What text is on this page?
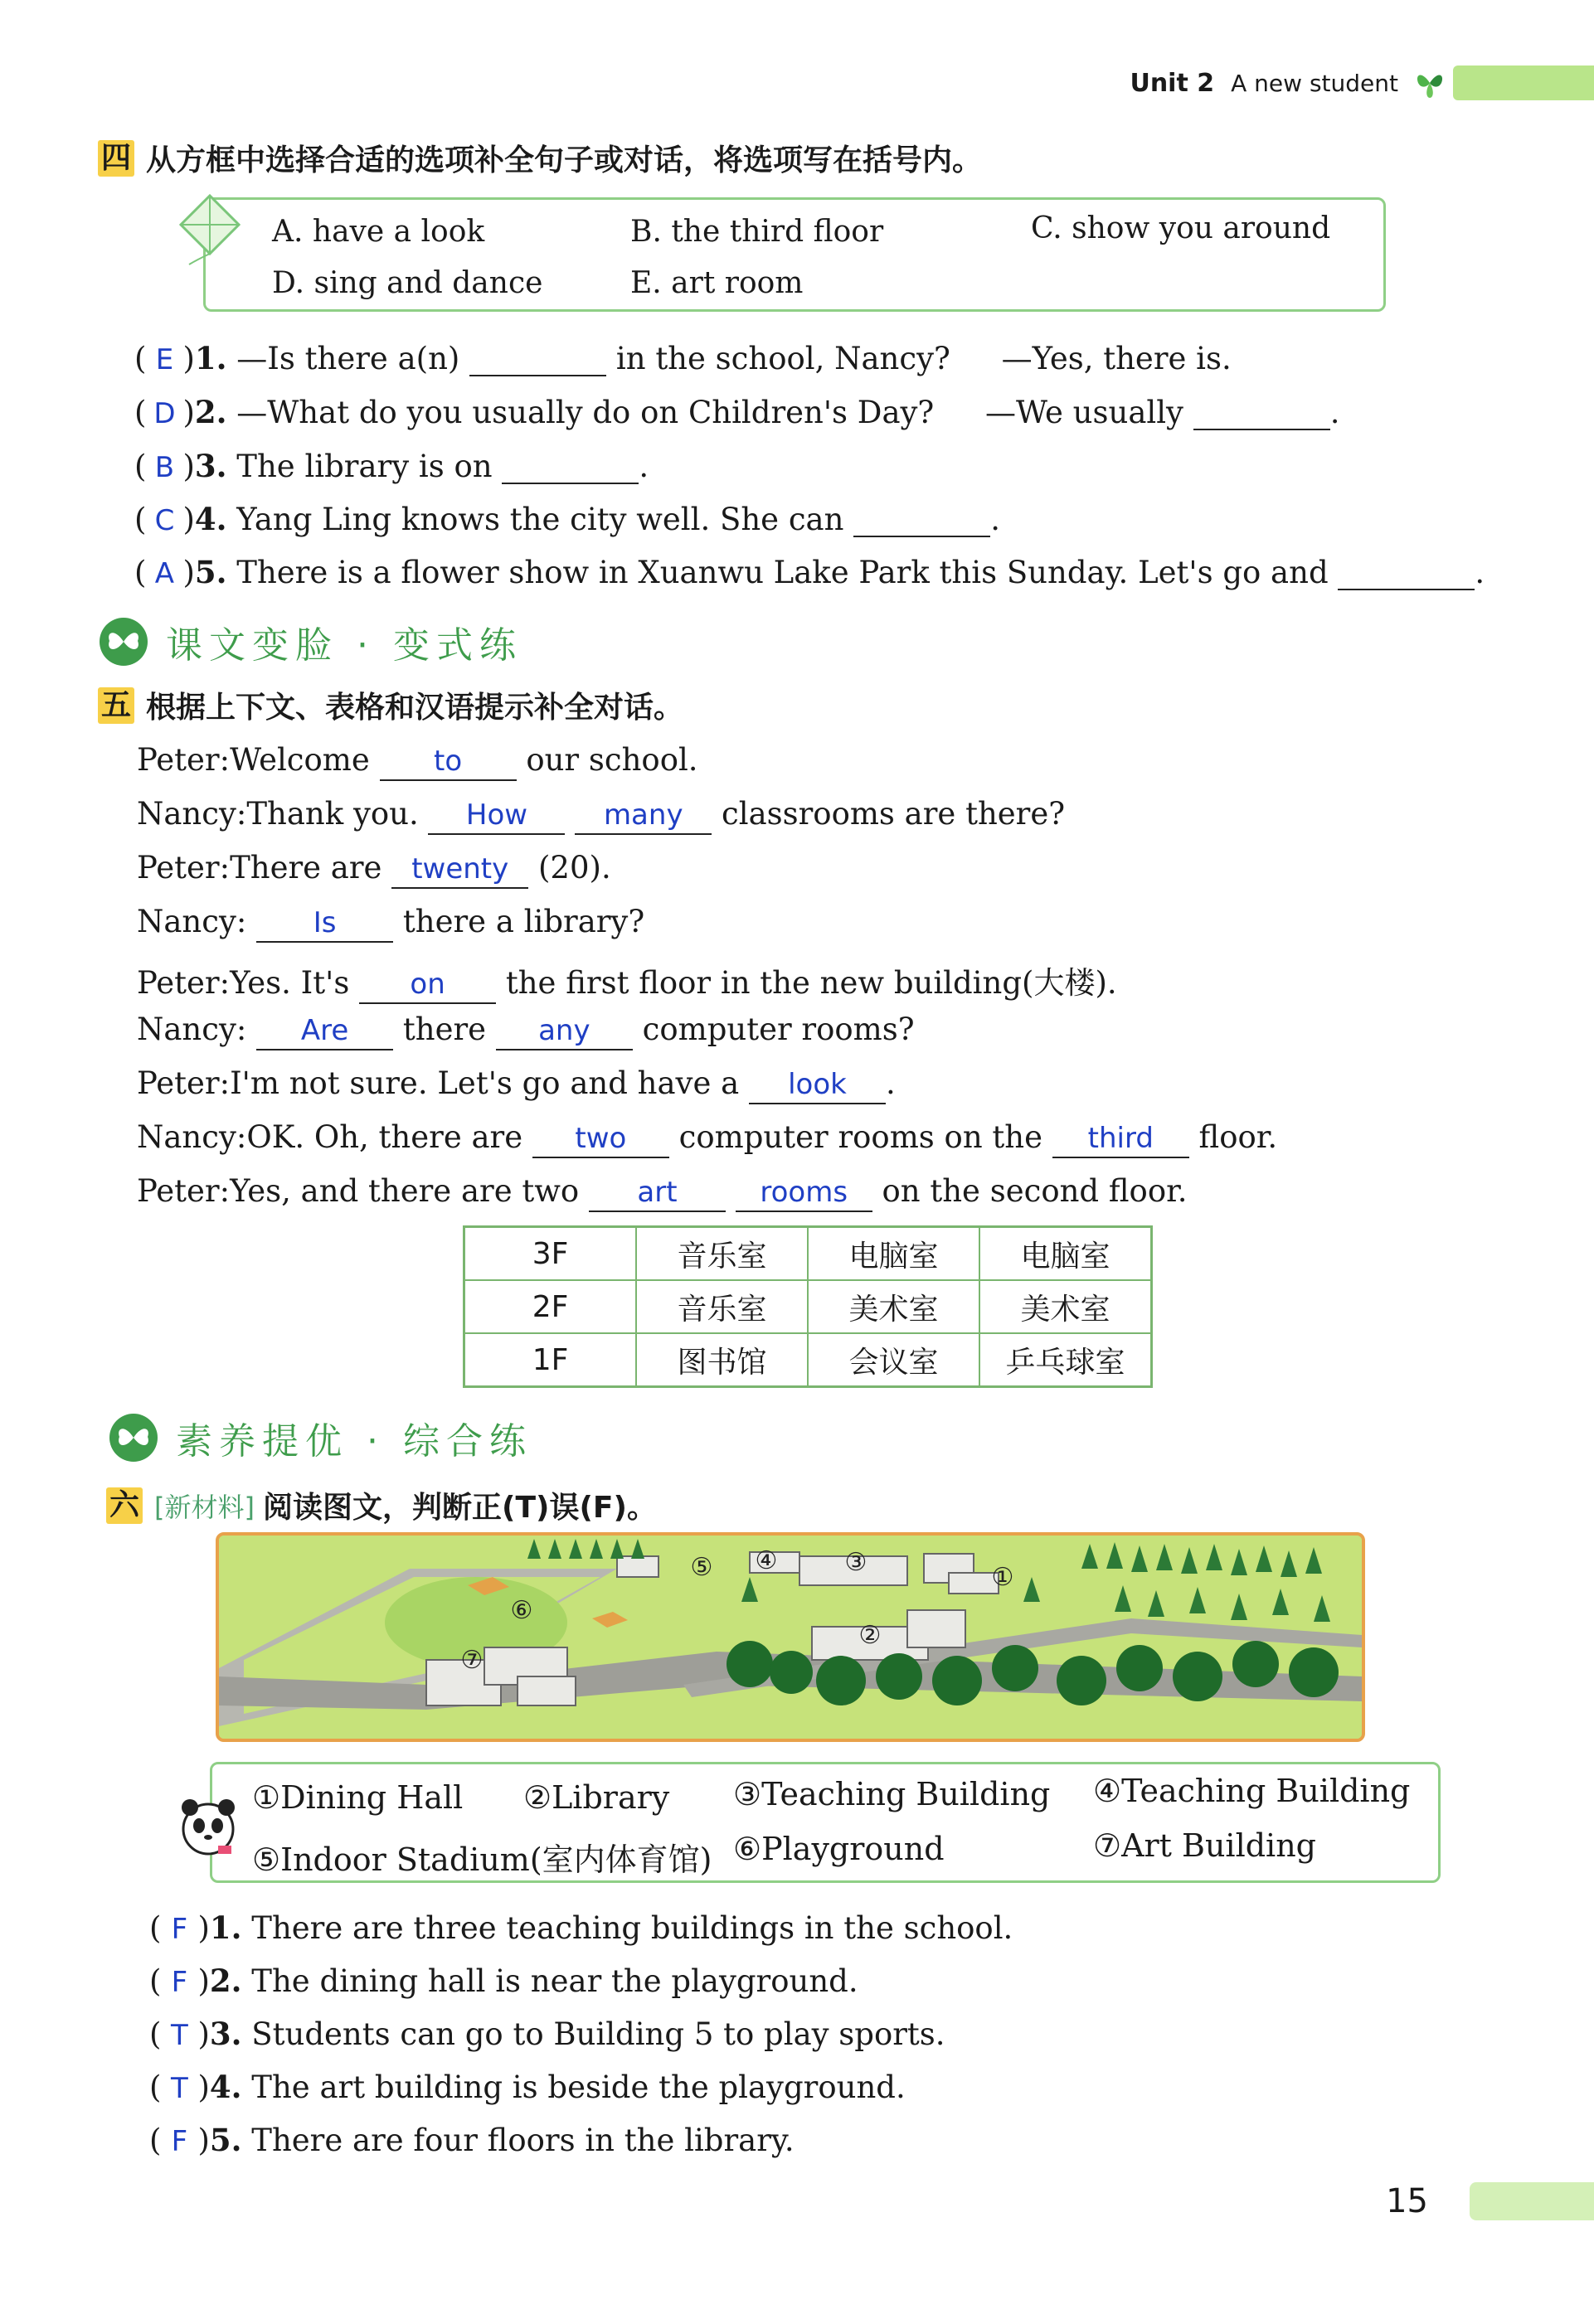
Unit 2 A new student
四 从方框中选择合适的选项补全句子或对话，将选项写在括号内。
A. have a look	B. the third floor	C. show you around
D. sing and dance	E. art room
( E )1. —Is there a(n)	in the school, Nancy? —Yes, there is.
( D )2. —What do you usually do on Children's Day? —We usually	.
( B )3. The library is on	.
( C )4. Yang Ling knows the city well. She can	.
( A )5. There is a flower show in Xuanwu Lake Park this Sunday. Let's go and	.
课文变脸 · 变式练
五 根据上下文、表格和汉语提示补全对话。
Peter:Welcome to our school.
Nancy:Thank you. How	many classrooms are there?
Peter:There are twenty (20).
Nancy: Is there a library?
Peter:Yes. It's on the first floor in the new building(大楼).
Nancy: Are there any computer rooms?
Peter:I'm not sure. Let's go and have a look .
Nancy:OK. Oh, there are two computer rooms on the third floor.
Peter:Yes, and there are two art	rooms on the second floor.
3F	音乐室	电脑室	电脑室
2F	音乐室	美术室	美术室
1F	图书馆	会议室	乒乓球室
素养提优 · 综合练
六 [新材料] 阅读图文，判断正(T)误(F)。
①
②
③
④
⑤
⑥
⑦
①Dining Hall ②Library ③Teaching Building ④Teaching Building
⑤Indoor Stadium(室内体育馆) ⑥Playground	⑦Art Building
( F )1. There are three teaching buildings in the school.
( F )2. The dining hall is near the playground.
( T )3. Students can go to Building 5 to play sports.
( T )4. The art building is beside the playground.
( F )5. There are four floors in the library.
15
